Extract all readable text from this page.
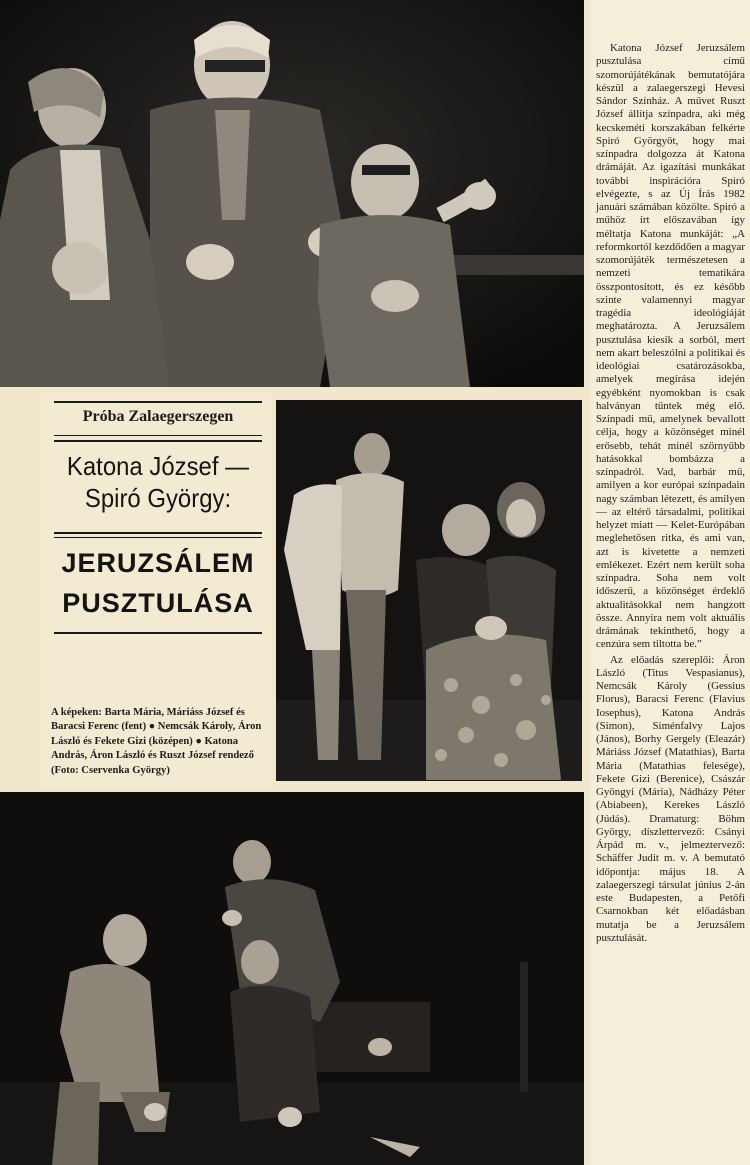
Próba Zalaegerszegen
Katona József —
Spiró György:
JERUZSÁLEM
PUSZTULÁSA
A képeken: Barta Mária, Máriáss József és Baracsi Ferenc (fent) ● Nemcsák Károly, Áron László és Fekete Gizi (középen) ● Katona András, Áron László és Ruszt József rendező (Foto: Cservenka György)

Katona József Jeruzsálem pusztulása című szomorújátékának bemutatójára készül a zalaegerszegi Hevesi Sándor Színház. A művet Ruszt József állítja színpadra, aki még kecskeméti korszakában felkérte Spiró Györgyöt, hogy mai színpadra dolgozza át Katona drámáját. Az igazítási munkákat további inspirációra Spiró elvégezte, s az Új Írás 1982 januári számában közölte. Spiró a műhöz írt előszavában így méltatja Katona munkáját: „A reformkortól kezdődően a magyar szomorújáték természetesen a nemzeti tematikára összpontosított, és ez később szinte valamennyi magyar tragédia ideológiáját meghatározta. A Jeruzsálem pusztulása kiesik a sorból, mert nem akart beleszólni a politikai és ideológiai csatározásokba, amelyek megírása idején egyébként nyomokban is csak halványan tűntek még elő. Színpadi mű, amelynek bevallott célja, hogy a közönséget minél erősebb, tehát minél szörnyűbb hatásokkal bombázza a színpadról. Vad, barbár mű, amilyen a kor európai színpadain nagy számban létezett, és amilyen — az eltérő társadalmi, politikai helyzet miatt — Kelet-Európában meglehetősen ritka, és ami van, azt is kivetette a nemzeti emlékezet. Ezért nem került soha színpadra. Soha nem volt időszerű, a közönséget érdeklő aktualitásokkal nem hangzott össze. Annyira nem volt aktuális drámának tekinthető, hogy a cenzúra sem tiltotta be.”

Az előadás szereplői: Áron László (Titus Vespasianus), Nemcsák Károly (Gessius Florus), Baracsi Ferenc (Flavius Iosephus), Katona András (Simon), Siménfalvy Lajos (János), Borhy Gergely (Eleazár) Máriáss József (Matathias), Barta Mária (Matathias felesége), Fekete Gizi (Berenice), Császár Gyöngyi (Mária), Nádházy Péter (Abiabeen), Kerekes László (Júdás). Dramaturg: Böhm György, díszlettervező: Csányi Árpád m. v., jelmeztervező: Schäffer Judit m. v. A bemutató időpontja: május 18. A zalaegerszegi társulat június 2-án este Budapesten, a Petőfi Csarnokban két előadásban mutatja be a Jeruzsálem pusztulását.
